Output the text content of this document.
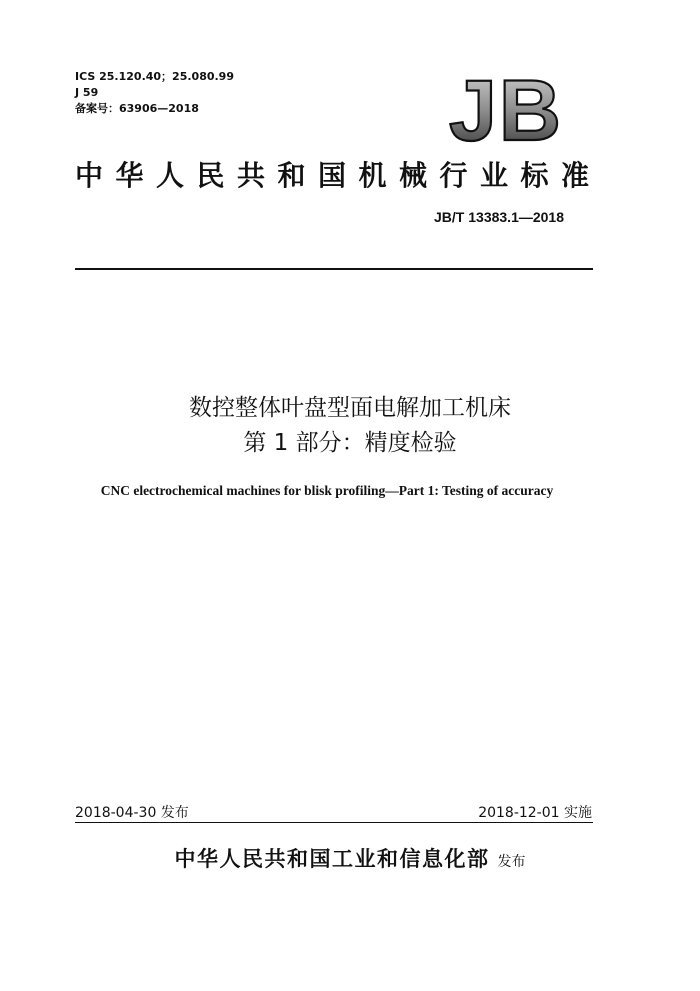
ICS 25.120.40；25.080.99
J 59
备案号：63906—2018	JB
中华人民共和国机械行业标准
JB/T 13383.1—2018
数控整体叶盘型面电解加工机床
第 1 部分：精度检验
CNC electrochemical machines for blisk profiling—Part 1: Testing of accuracy
2018-04-30 发布	2018-12-01 实施
中华人民共和国工业和信息化部 发布
